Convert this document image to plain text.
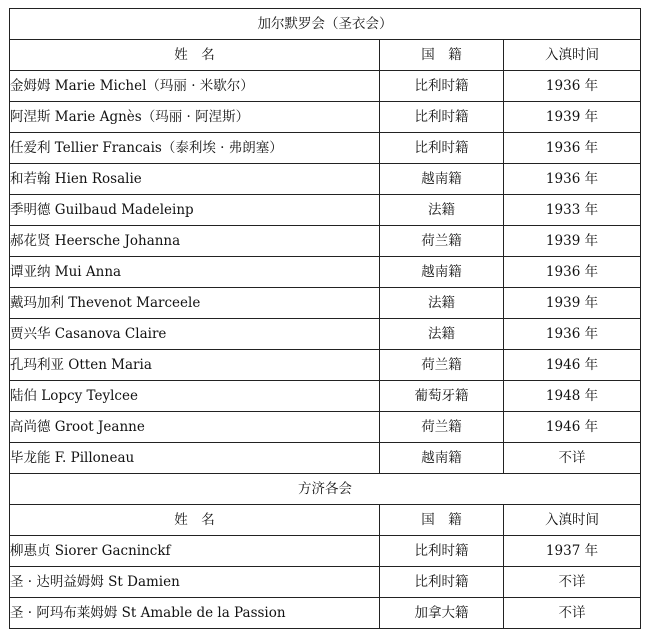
加尔默罗会（圣衣会）		
姓　名	国　籍	入滇时间
金姆姆 Marie Michel（玛丽 · 米歇尔）	比利时籍	1936 年
阿涅斯 Marie Agnès（玛丽 · 阿涅斯）	比利时籍	1939 年
任爱利 Tellier Francais（泰利埃 · 弗朗塞）	比利时籍	1936 年
和若翰 Hien Rosalie	越南籍	1936 年
季明德 Guilbaud Madeleinp	法籍	1933 年
郝花贤 Heersche Johanna	荷兰籍	1939 年
谭亚纳 Mui Anna	越南籍	1936 年
戴玛加利 Thevenot Marceele	法籍	1939 年
贾兴华 Casanova Claire	法籍	1936 年
孔玛利亚 Otten Maria	荷兰籍	1946 年
陆伯 Lopcy Teylcee	葡萄牙籍	1948 年
高尚德 Groot Jeanne	荷兰籍	1946 年
毕龙能 F. Pilloneau	越南籍	不详
方济各会		
姓　名	国　籍	入滇时间
柳惠贞 Siorer Gacninckf	比利时籍	1937 年
圣 · 达明益姆姆 St Damien	比利时籍	不详
圣 · 阿玛布莱姆姆 St Amable de la Passion	加拿大籍	不详
